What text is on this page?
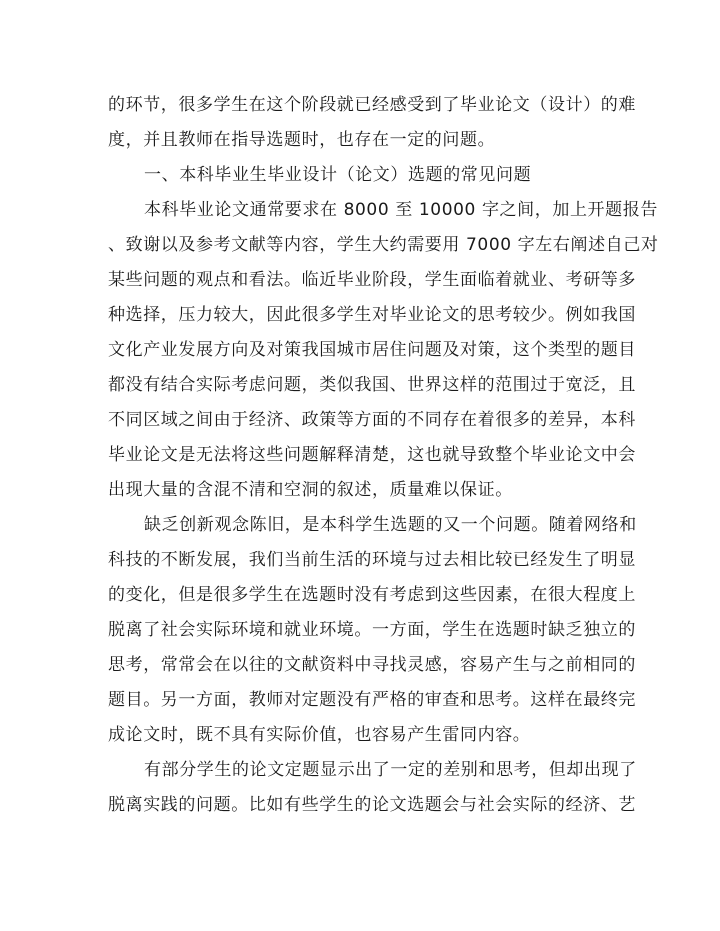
的环节，很多学生在这个阶段就已经感受到了毕业论文（设计）的难
度，并且教师在指导选题时，也存在一定的问题。
一、本科毕业生毕业设计（论文）选题的常见问题
本科毕业论文通常要求在 8000 至 10000 字之间，加上开题报告
、致谢以及参考文献等内容，学生大约需要用 7000 字左右阐述自己对
某些问题的观点和看法。临近毕业阶段，学生面临着就业、考研等多
种选择，压力较大，因此很多学生对毕业论文的思考较少。例如我国
文化产业发展方向及对策我国城市居住问题及对策，这个类型的题目
都没有结合实际考虑问题，类似我国、世界这样的范围过于宽泛，且
不同区域之间由于经济、政策等方面的不同存在着很多的差异，本科
毕业论文是无法将这些问题解释清楚，这也就导致整个毕业论文中会
出现大量的含混不清和空洞的叙述，质量难以保证。
缺乏创新观念陈旧，是本科学生选题的又一个问题。随着网络和
科技的不断发展，我们当前生活的环境与过去相比较已经发生了明显
的变化，但是很多学生在选题时没有考虑到这些因素，在很大程度上
脱离了社会实际环境和就业环境。一方面，学生在选题时缺乏独立的
思考，常常会在以往的文献资料中寻找灵感，容易产生与之前相同的
题目。另一方面，教师对定题没有严格的审查和思考。这样在最终完
成论文时，既不具有实际价值，也容易产生雷同内容。
有部分学生的论文定题显示出了一定的差别和思考，但却出现了
脱离实践的问题。比如有些学生的论文选题会与社会实际的经济、艺
